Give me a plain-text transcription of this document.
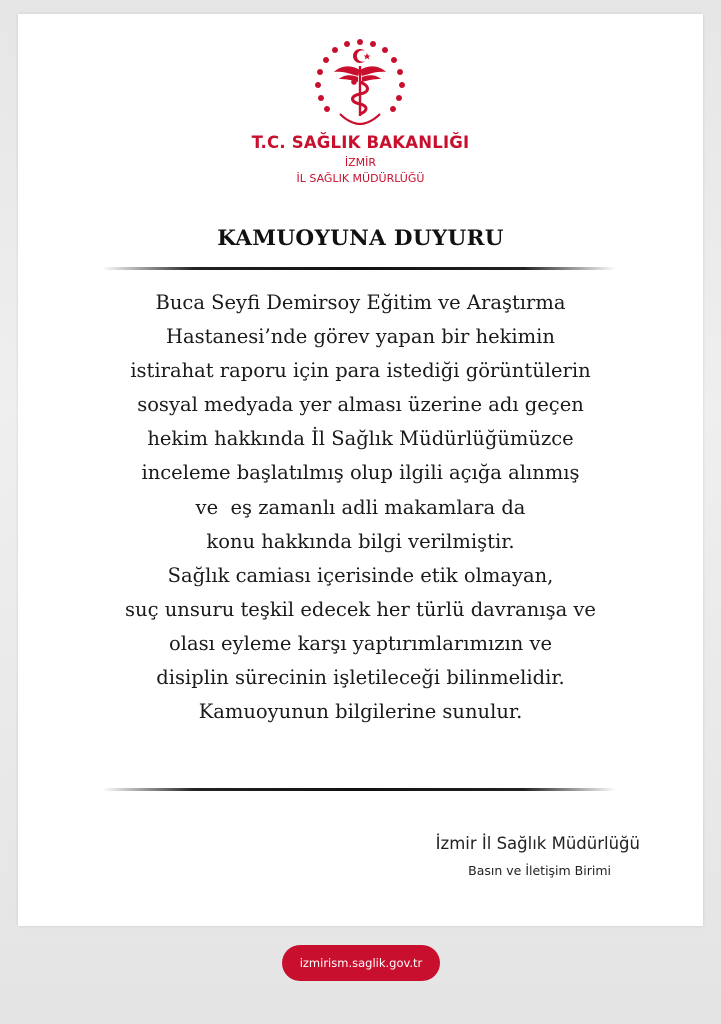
T.C. SAĞLIK BAKANLIĞI
İZMİR
İL SAĞLIK MÜDÜRLÜĞÜ
KAMUOYUNA DUYURU
Buca Seyfi Demirsoy Eğitim ve Araştırma
Hastanesi’nde görev yapan bir hekimin
istirahat raporu için para istediği görüntülerin
sosyal medyada yer alması üzerine adı geçen
hekim hakkında İl Sağlık Müdürlüğümüzce
inceleme başlatılmış olup ilgili açığa alınmış
ve  eş zamanlı adli makamlara da
konu hakkında bilgi verilmiştir.
Sağlık camiası içerisinde etik olmayan,
suç unsuru teşkil edecek her türlü davranışa ve
olası eyleme karşı yaptırımlarımızın ve
disiplin sürecinin işletileceği bilinmelidir.
Kamuoyunun bilgilerine sunulur.
İzmir İl Sağlık Müdürlüğü
Basın ve İletişim Birimi
izmirism.saglik.gov.tr
